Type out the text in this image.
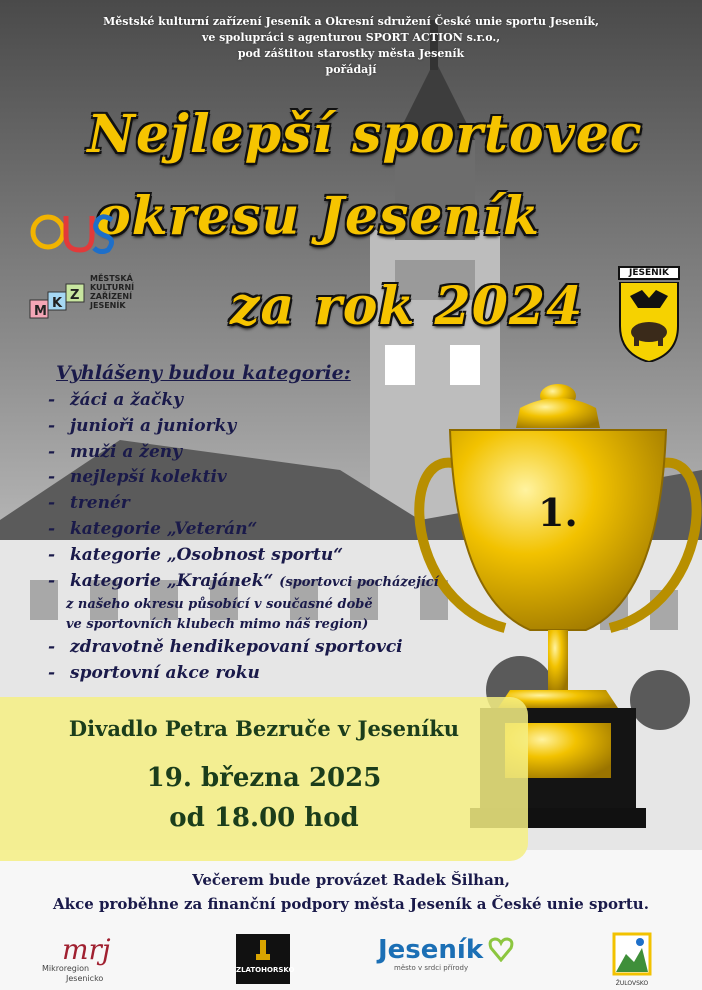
1.
Městské kulturní zařízení Jeseník a Okresní sdružení České unie sportu Jeseník,
ve spolupráci s agenturou SPORT ACTION s.r.o.,
pod záštitou starostky města Jeseník
pořádají
Nejlepší sportovec
okresu Jeseník
za rok 2024
M
K
Z
MĚSTSKÁ
KULTURNÍ
ZAŘÍZENÍ
JESENÍK
JESENÍK
Vyhlášeny budou kategorie:
- žáci a žačky
- junioři a juniorky
- muži a ženy
- nejlepší kolektiv
- trenér
- kategorie „Veterán“
- kategorie „Osobnost sportu“
- kategorie „Krajánek“ (sportovci pocházející
z našeho okresu působící v současné době
ve sportovních klubech mimo náš region)
- zdravotně hendikepovaní sportovci
- sportovní akce roku
Divadlo Petra Bezruče v Jeseníku
19. března 2025
od 18.00 hod
Večerem bude provázet Radek Šilhan,
Akce proběhne za finanční podpory města Jeseník a České unie sportu.
mrj
Mikroregion
Jesenicko
ZLATOHORSKO
Jeseník
město v srdci přírody
ŽULOVSKO
